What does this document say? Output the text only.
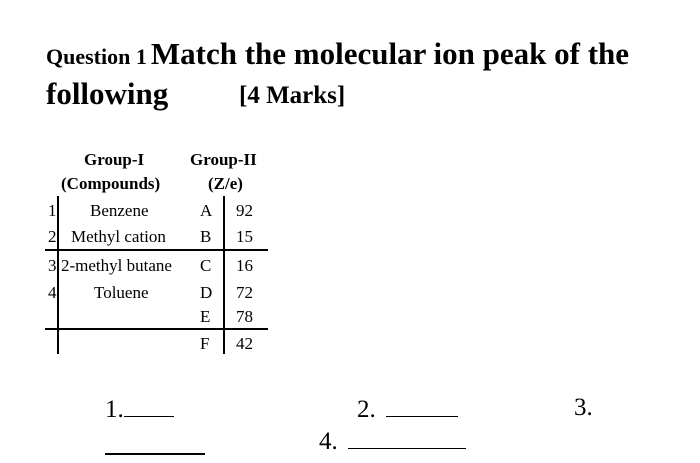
Question 1 Match the molecular ion peak of the
following	[4 Marks]
Group-I
(Compounds)
Group-II
(Z/e)
1 Benzene	A 92
2 Methyl cation B 15
3 2-methyl butane C 16
4 Toluene	D 72
E 78
F 42
1.	2.	3.
4.
